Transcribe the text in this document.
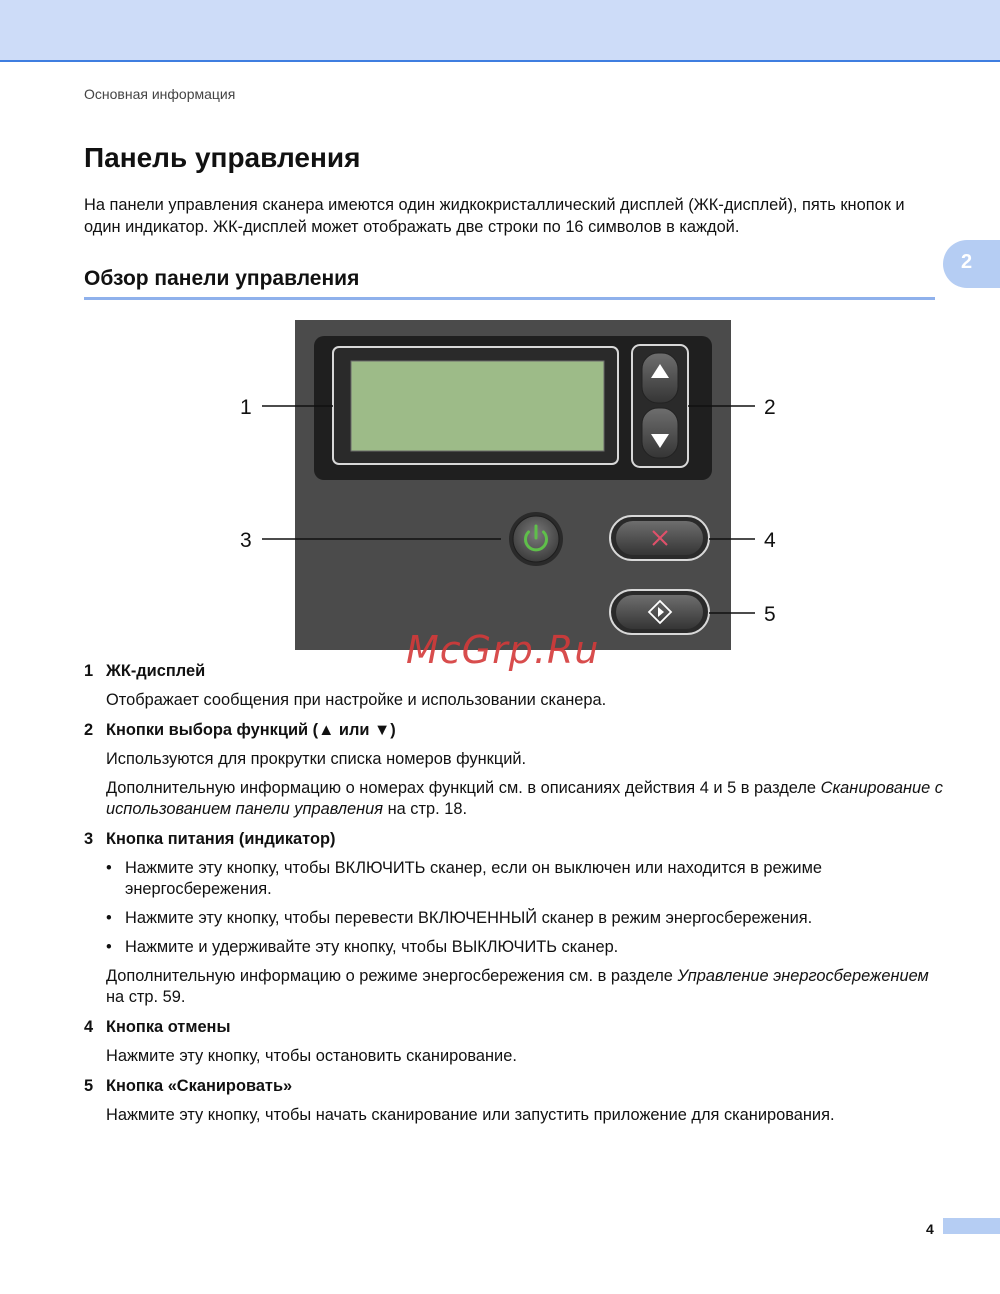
Основная информация
Панель управления
На панели управления сканера имеются один жидкокристаллический дисплей (ЖК-дисплей), пять кнопок и один индикатор. ЖК-дисплей может отображать две строки по 16 символов в каждой.
2
Обзор панели управления
1	2
3	4
5
McGrp.Ru
1 ЖК-дисплей
Отображает сообщения при настройке и использовании сканера.
2 Кнопки выбора функций (▲ или ▼)
Используются для прокрутки списка номеров функций.
Дополнительную информацию о номерах функций см. в описаниях действия 4 и 5 в разделе Сканирование с использованием панели управления на стр. 18.
3 Кнопка питания (индикатор)
• Нажмите эту кнопку, чтобы ВКЛЮЧИТЬ сканер, если он выключен или находится в режиме энергосбережения.
• Нажмите эту кнопку, чтобы перевести ВКЛЮЧЕННЫЙ сканер в режим энергосбережения.
• Нажмите и удерживайте эту кнопку, чтобы ВЫКЛЮЧИТЬ сканер.
Дополнительную информацию о режиме энергосбережения см. в разделе Управление энергосбережением на стр. 59.
4 Кнопка отмены
Нажмите эту кнопку, чтобы остановить сканирование.
5 Кнопка «Сканировать»
Нажмите эту кнопку, чтобы начать сканирование или запустить приложение для сканирования.
4
